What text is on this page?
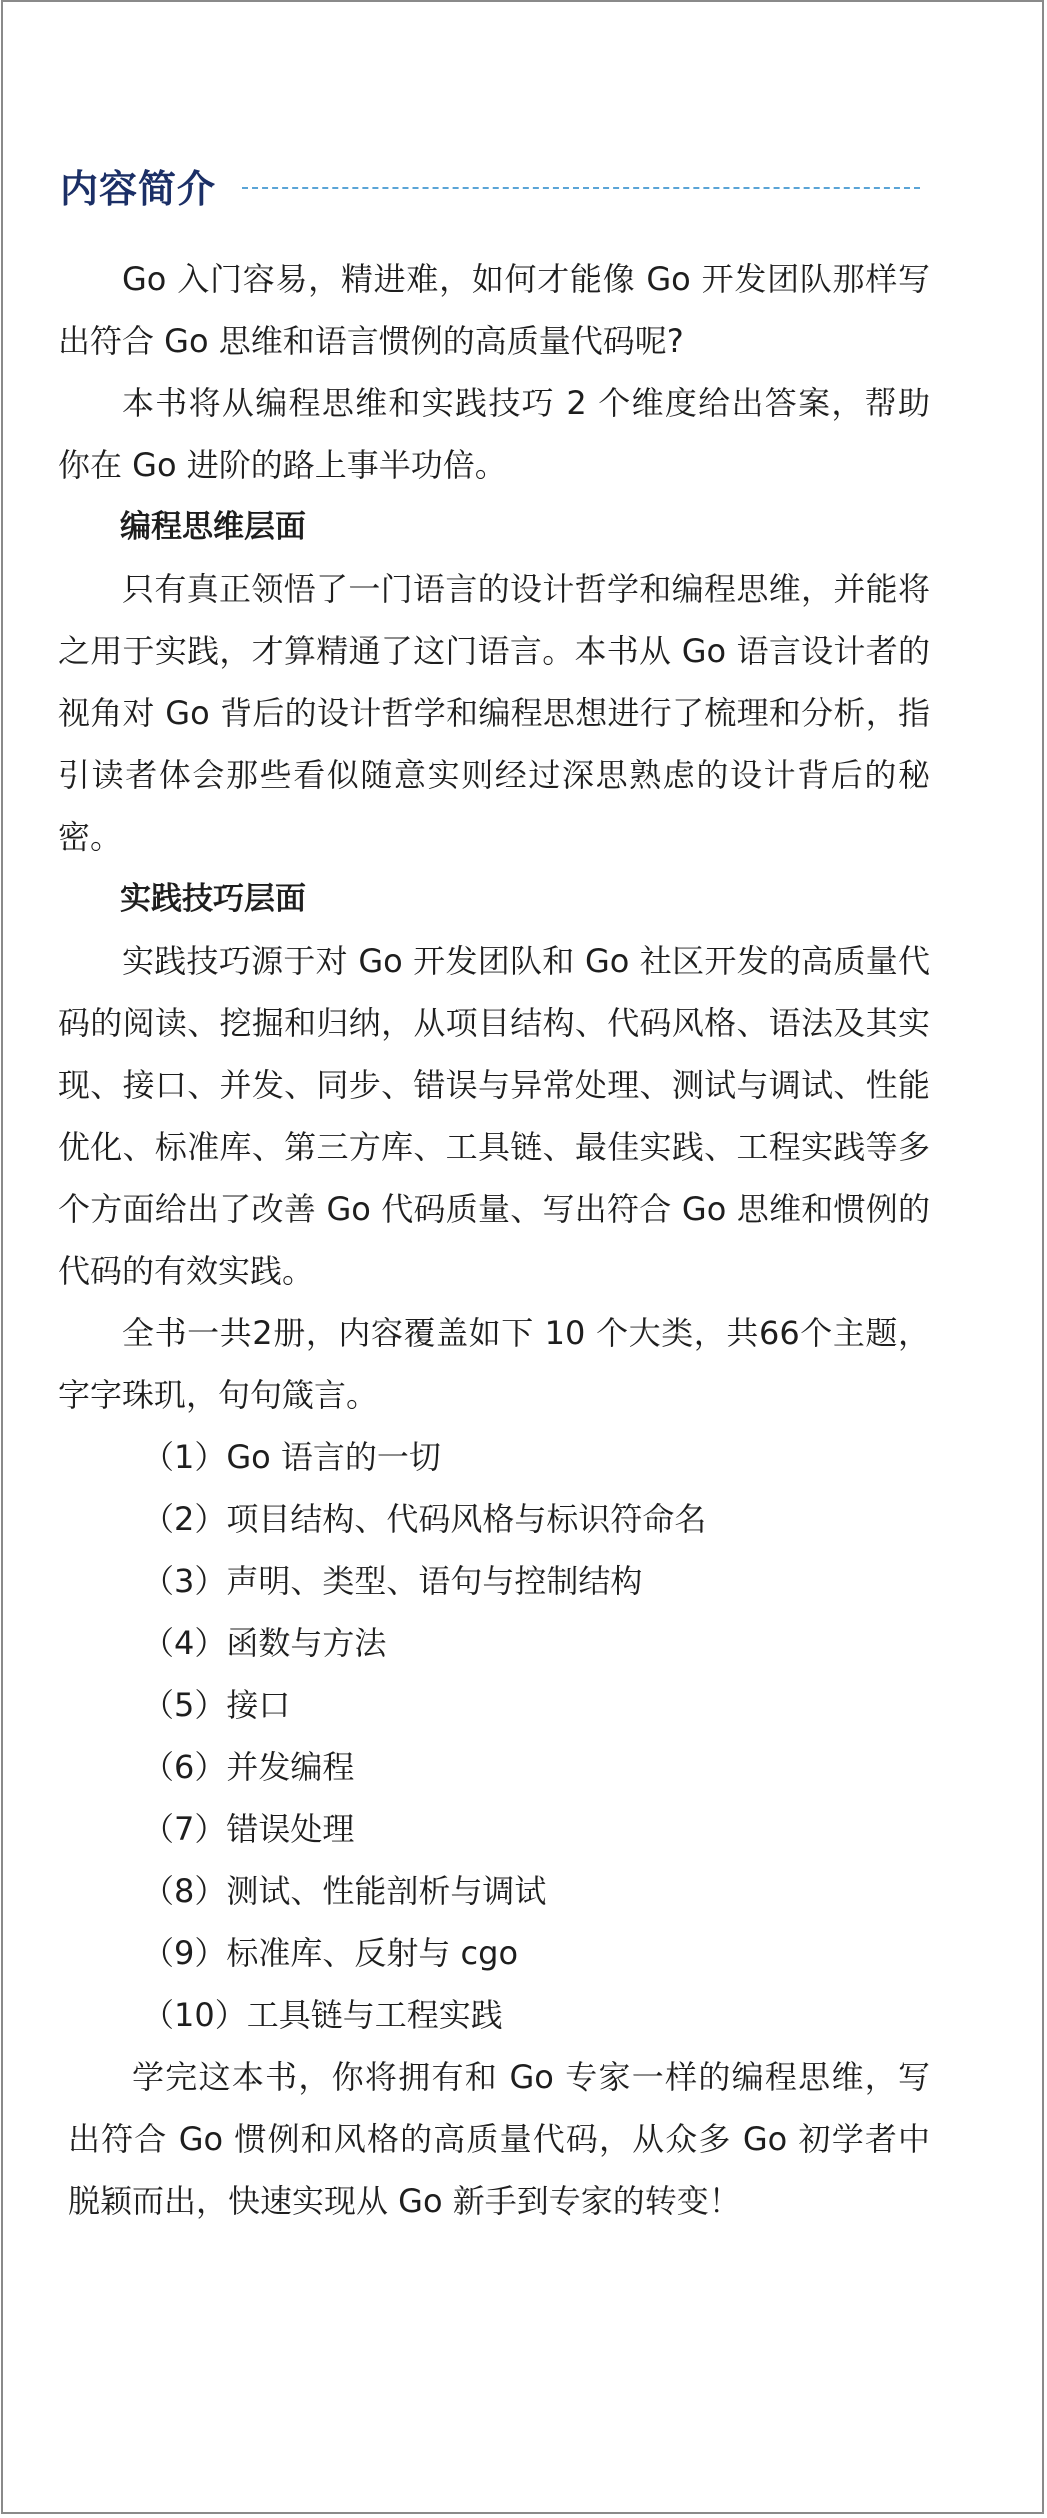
内容简介

Go 入门容易，精进难，如何才能像 Go 开发团队那样写出符合 Go 思维和语言惯例的高质量代码呢?

本书将从编程思维和实践技巧 2 个维度给出答案，帮助你在 Go 进阶的路上事半功倍。

编程思维层面

只有真正领悟了一门语言的设计哲学和编程思维，并能将之用于实践，才算精通了这门语言。本书从 Go 语言设计者的视角对 Go 背后的设计哲学和编程思想进行了梳理和分析，指引读者体会那些看似随意实则经过深思熟虑的设计背后的秘密。

实践技巧层面

实践技巧源于对 Go 开发团队和 Go 社区开发的高质量代码的阅读、挖掘和归纳，从项目结构、代码风格、语法及其实现、接口、并发、同步、错误与异常处理、测试与调试、性能优化、标准库、第三方库、工具链、最佳实践、工程实践等多个方面给出了改善 Go 代码质量、写出符合 Go 思维和惯例的代码的有效实践。

全书一共2册，内容覆盖如下 10 个大类，共66个主题，字字珠玑，句句箴言。

（1）Go 语言的一切

（2）项目结构、代码风格与标识符命名

（3）声明、类型、语句与控制结构

（4）函数与方法

（5）接口

（6）并发编程

（7）错误处理

（8）测试、性能剖析与调试

（9）标准库、反射与 cgo

（10）工具链与工程实践

学完这本书，你将拥有和 Go 专家一样的编程思维，写出符合 Go 惯例和风格的高质量代码，从众多 Go 初学者中脱颖而出，快速实现从 Go 新手到专家的转变！
